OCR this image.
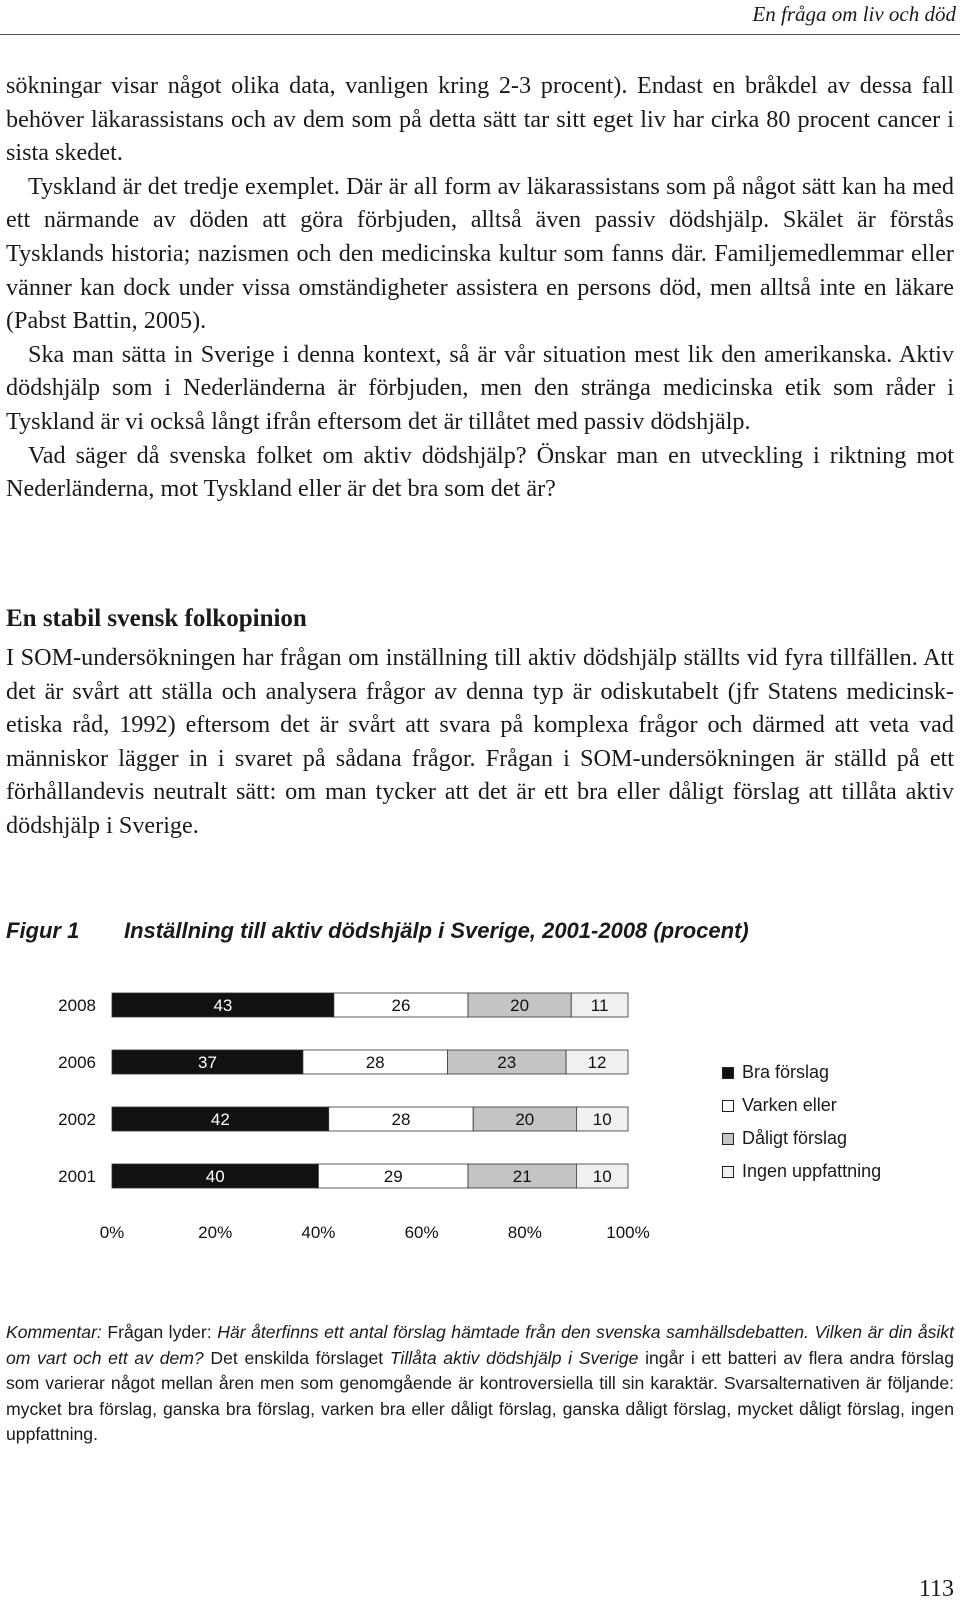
En fråga om liv och död

sökningar visar något olika data, vanligen kring 2-3 procent). Endast en bråkdel av dessa fall behöver läkarassistans och av dem som på detta sätt tar sitt eget liv har cirka 80 procent cancer i sista skedet.

Tyskland är det tredje exemplet. Där är all form av läkarassistans som på något sätt kan ha med ett närmande av döden att göra förbjuden, alltså även passiv dödshjälp. Skälet är förstås Tysklands historia; nazismen och den medicinska kultur som fanns där. Familjemedlemmar eller vänner kan dock under vissa omständigheter assistera en persons död, men alltså inte en läkare (Pabst Battin, 2005).

Ska man sätta in Sverige i denna kontext, så är vår situation mest lik den amerikanska. Aktiv dödshjälp som i Nederländerna är förbjuden, men den stränga medicinska etik som råder i Tyskland är vi också långt ifrån eftersom det är tillåtet med passiv dödshjälp.

Vad säger då svenska folket om aktiv dödshjälp? Önskar man en utveckling i riktning mot Nederländerna, mot Tyskland eller är det bra som det är?

En stabil svensk folkopinion

I SOM-undersökningen har frågan om inställning till aktiv dödshjälp ställts vid fyra tillfällen. Att det är svårt att ställa och analysera frågor av denna typ är odiskutabelt (jfr Statens medicinsk-etiska råd, 1992) eftersom det är svårt att svara på komplexa frågor och därmed att veta vad människor lägger in i svaret på sådana frågor. Frågan i SOM-undersökningen är ställd på ett förhållandevis neutralt sätt: om man tycker att det är ett bra eller dåligt förslag att tillåta aktiv dödshjälp i Sverige.

Figur 1 Inställning till aktiv dödshjälp i Sverige, 2001-2008 (procent)
2008	43	26	20	11
2006	37	28	23	12
2002	42	28	20	10
2001	40	29	21	10
0%	20%	40%	60%	80%	100%
Bra förslag
Varken eller
Dåligt förslag
Ingen uppfattning

Kommentar: Frågan lyder: Här återfinns ett antal förslag hämtade från den svenska samhällsdebatten. Vilken är din åsikt om vart och ett av dem? Det enskilda förslaget Tillåta aktiv dödshjälp i Sverige ingår i ett batteri av flera andra förslag som varierar något mellan åren men som genomgående är kontroversiella till sin karaktär. Svarsalternativen är följande: mycket bra förslag, ganska bra förslag, varken bra eller dåligt förslag, ganska dåligt förslag, mycket dåligt förslag, ingen uppfattning.

113
